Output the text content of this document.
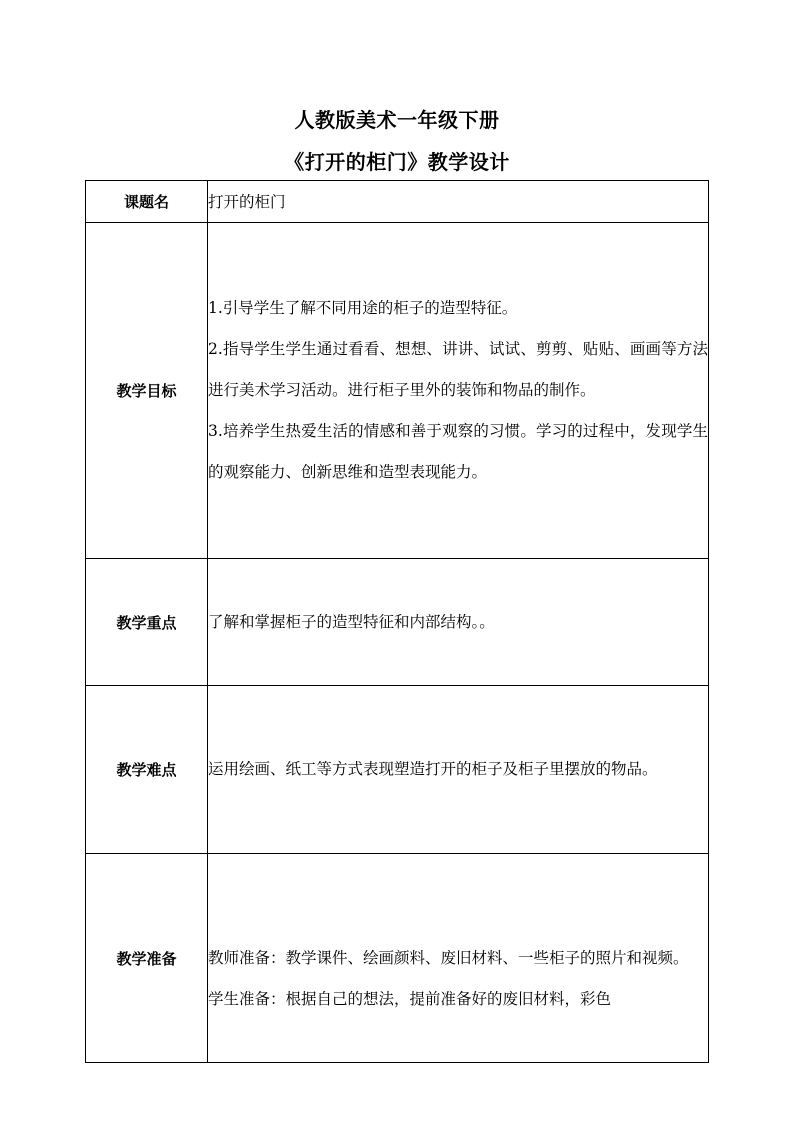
人教版美术一年级下册
《打开的柜门》教学设计
课题名	打开的柜门
教学目标	1.引导学生了解不同用途的柜子的造型特征。

2.指导学生学生通过看看、想想、讲讲、试试、剪剪、贴贴、画画等方法进行美术学习活动。进行柜子里外的装饰和物品的制作。

3.培养学生热爱生活的情感和善于观察的习惯。学习的过程中，发现学生的观察能力、创新思维和造型表现能力。

教学重点	了解和掌握柜子的造型特征和内部结构。。
教学难点	运用绘画、纸工等方式表现塑造打开的柜子及柜子里摆放的物品。
教学准备	教师准备：教学课件、绘画颜料、废旧材料、一些柜子的照片和视频。

学生准备：根据自己的想法，提前准备好的废旧材料，彩色
